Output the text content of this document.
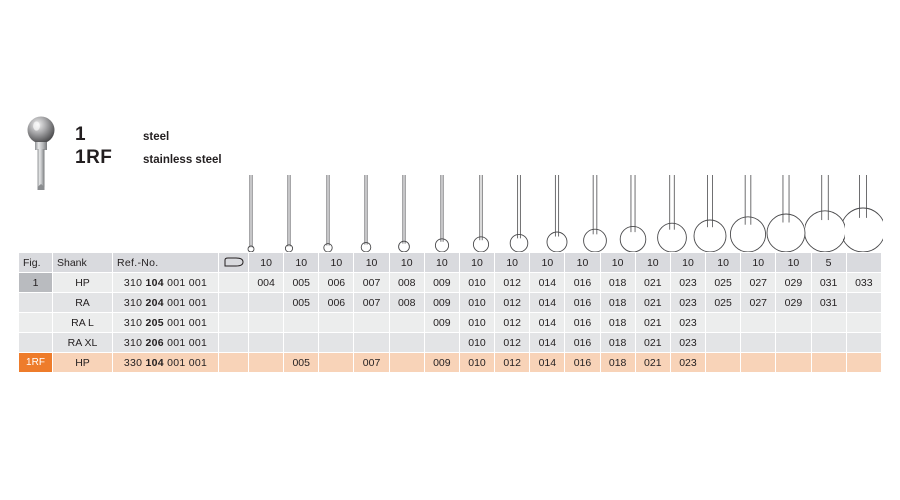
1	steel
1RF	stainless steel
Fig.	Shank	Ref.-No.		10	10	10	10	10	10	10	10	10	10	10	10	10	10	10	10	5	
1	HP	310 104 001 001		004	005	006	007	008	009	010	012	014	016	018	021	023	025	027	029	031	033
	RA	310 204 001 001			005	006	007	008	009	010	012	014	016	018	021	023	025	027	029	031	
	RA L	310 205 001 001							009	010	012	014	016	018	021	023					
	RA XL	310 206 001 001								010	012	014	016	018	021	023					
1RF	HP	330 104 001 001			005		007		009	010	012	014	016	018	021	023					
